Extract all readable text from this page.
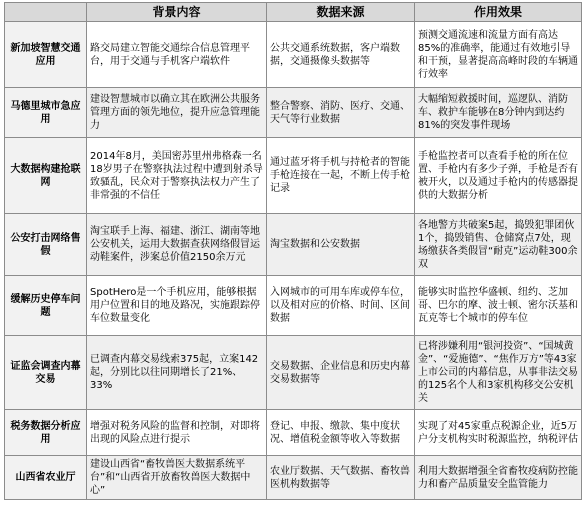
	背景内容	数据来源	作用效果
新加坡智慧交通应用	路交局建立智能交通综合信息管理平台，用于交通与手机客户端软件	公共交通系统数据，客户端数据，交通摄像头数据等	预测交通流速和流量方面有高达85%的准确率，能通过有效地引导和干预，显著提高高峰时段的车辆通行效率
马德里城市急应用	建设智慧城市以确立其在欧洲公共服务管理方面的领先地位，提升应急管理能力	整合警察、消防、医疗、交通、天气等行业数据	大幅缩短救援时间，巡逻队、消防车、救护车能够在8分钟内到达约81%的突发事件现场
大数据构建抢联网	2014年8月，美国密苏里州弗格森一名18岁男子在警察执法过程中遭到射杀导致骚乱，民众对于警察执法权力产生了非常强的不信任	通过蓝牙将手机与持枪者的智能手枪连接在一起，不断上传手枪记录	手枪监控者可以查看手枪的所在位置、手枪内有多少子弹，手枪是否有被开火，以及通过手枪内的传感器提供的大数据分析
公安打击网络售假	淘宝联手上海、福建、浙江、湖南等地公安机关，运用大数据查获网络假冒运动鞋案件，涉案总价值2150余万元	淘宝数据和公安数据	各地警方共破案5起，捣毁犯罪团伙1个，捣毁销售、仓储窝点7处，现场缴获各类假冒“耐克”运动鞋300余双
缓解历史停车问题	SpotHero是一个手机应用，能够根据用户位置和目的地及路况，实施跟踪停车位数量变化	入网城市的可用车库或停车位，以及相对应的价格、时间、区间数据	能够实时监控华盛顿、纽约、芝加哥、巴尔的摩、波士顿、密尔沃基和瓦克等七个城市的停车位
证监会调查内幕交易	已调查内幕交易线索375起，立案142起，分别比以往同期增长了21%、33%	交易数据、企业信息和历史内幕交易数据等	已将涉嫌利用“银河投资”、“国城黄金”、“爱施德”、“焦作万方”等43家上市公司的内幕信息，从事非法交易的125名个人和3家机构移交公安机关
税务数据分析应用	增强对税务风险的监督和控制，对即将出现的风险点进行提示	登记、申报、缴款、集中度状况、增值税金额等收入等数据	实现了对45家重点税源企业，近5万户分支机构实时税源监控，纳税评估
山西省农业厅	建设山西省“畜牧兽医大数据系统平台”和“山西省开放畜牧兽医大数据中心”	农业厅数据、天气数据、畜牧兽医机构数据等	利用大数据增强全省畜牧疫病防控能力和畜产品质量安全监管能力
